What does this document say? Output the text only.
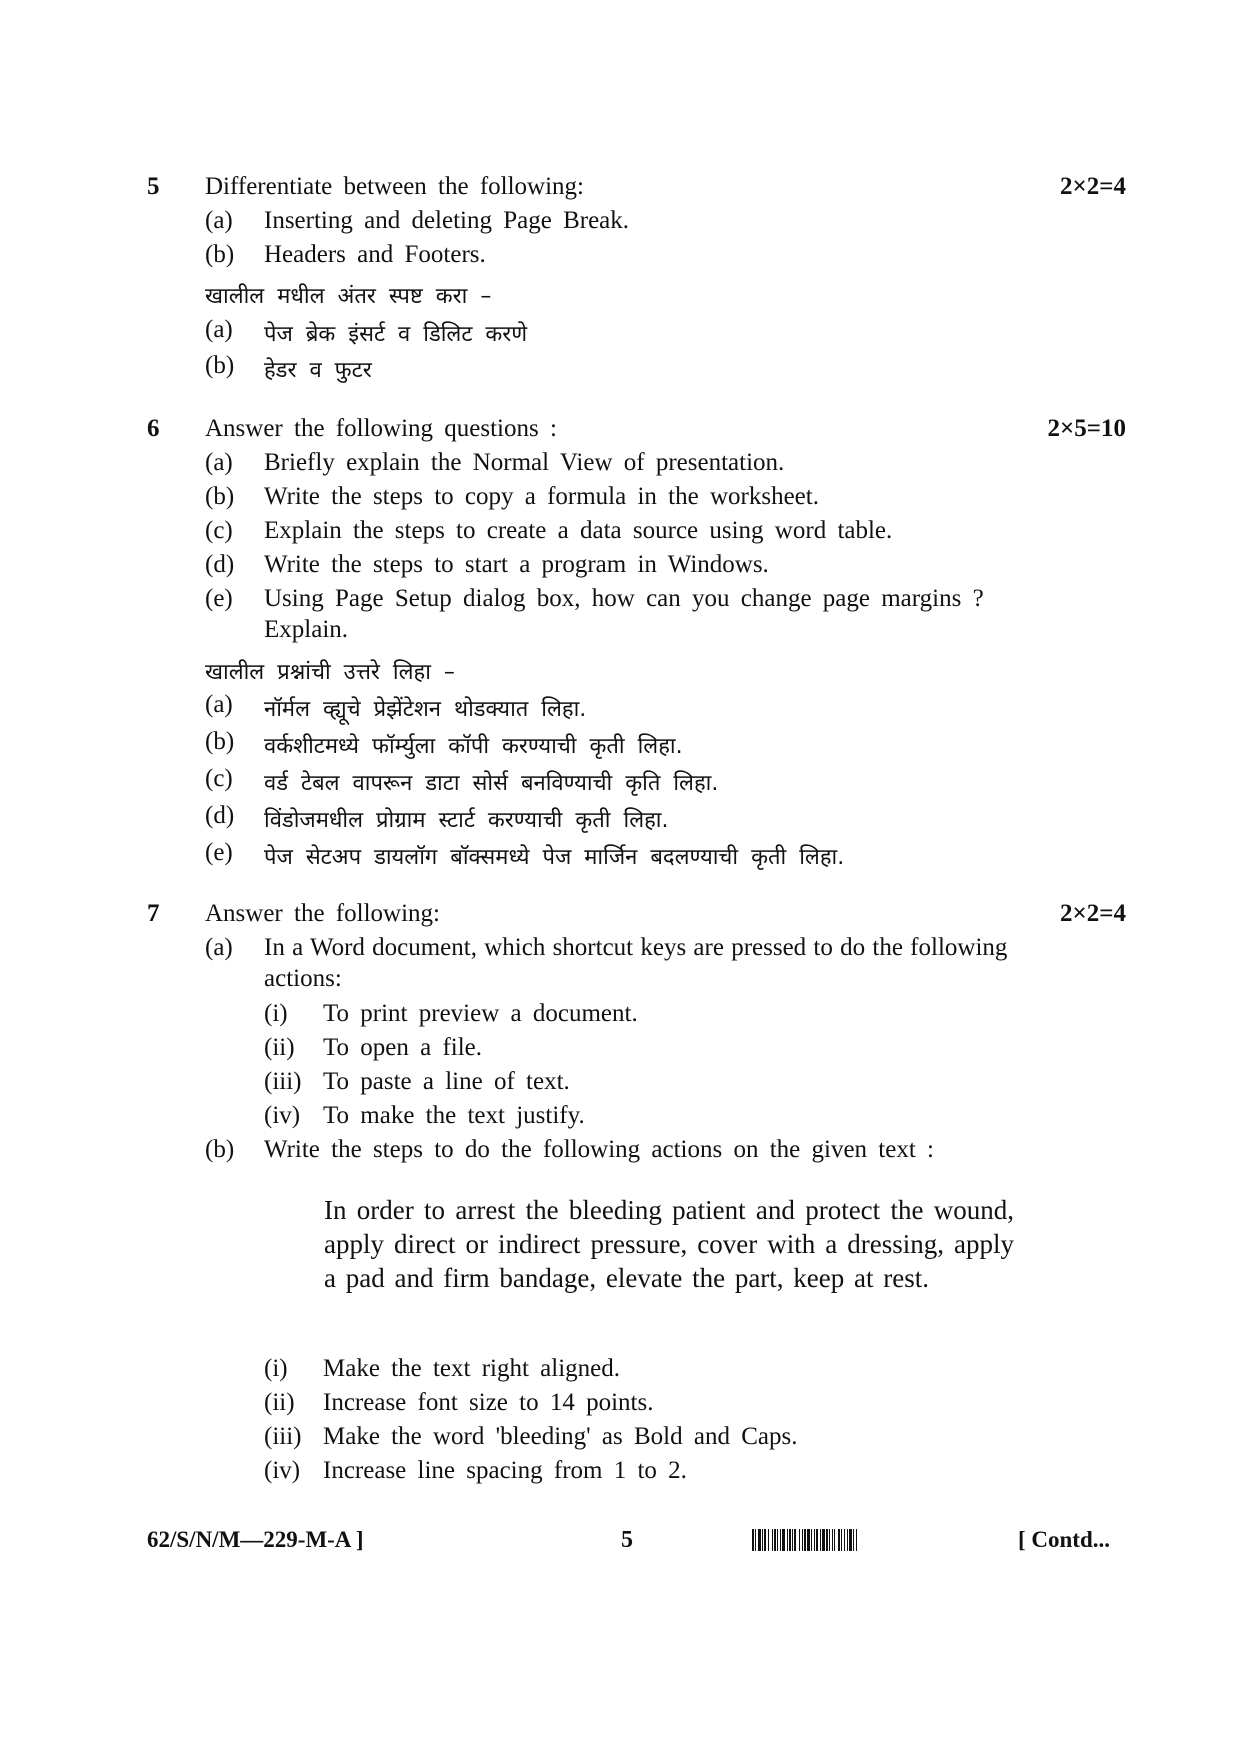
5 Differentiate between the following:	2×2=4
(a) Inserting and deleting Page Break.
(b) Headers and Footers.
खालील मधील अंतर स्पष्ट करा –
(a) पेज ब्रेक इंसर्ट व डिलिट करणे
(b) हेडर व फुटर
6 Answer the following questions :	2×5=10
(a) Briefly explain the Normal View of presentation.
(b) Write the steps to copy a formula in the worksheet.
(c) Explain the steps to create a data source using word table.
(d) Write the steps to start a program in Windows.
(e) Using Page Setup dialog box, how can you change page margins ?
Explain.
खालील प्रश्नांची उत्तरे लिहा –
(a) नॉर्मल व्ह्यूचे प्रेझेंटेशन थोडक्यात लिहा.
(b) वर्कशीटमध्ये फॉर्म्युला कॉपी करण्याची कृती लिहा.
(c) वर्ड टेबल वापरून डाटा सोर्स बनविण्याची कृति लिहा.
(d) विंडोजमधील प्रोग्राम स्टार्ट करण्याची कृती लिहा.
(e) पेज सेटअप डायलॉग बॉक्समध्ये पेज मार्जिन बदलण्याची कृती लिहा.
7 Answer the following:	2×2=4
(a) In a Word document, which shortcut keys are pressed to do the following
actions:
(i) To print preview a document.
(ii) To open a file.
(iii) To paste a line of text.
(iv) To make the text justify.
(b) Write the steps to do the following actions on the given text :
In order to arrest the bleeding patient and protect the wound, apply direct or indirect pressure, cover with a dressing, apply a pad and firm bandage, elevate the part, keep at rest.
(i) Make the text right aligned.
(ii) Increase font size to 14 points.
(iii) Make the word 'bleeding' as Bold and Caps.
(iv) Increase line spacing from 1 to 2.
62/S/N/M—229-M-A ]	5	[ Contd...
